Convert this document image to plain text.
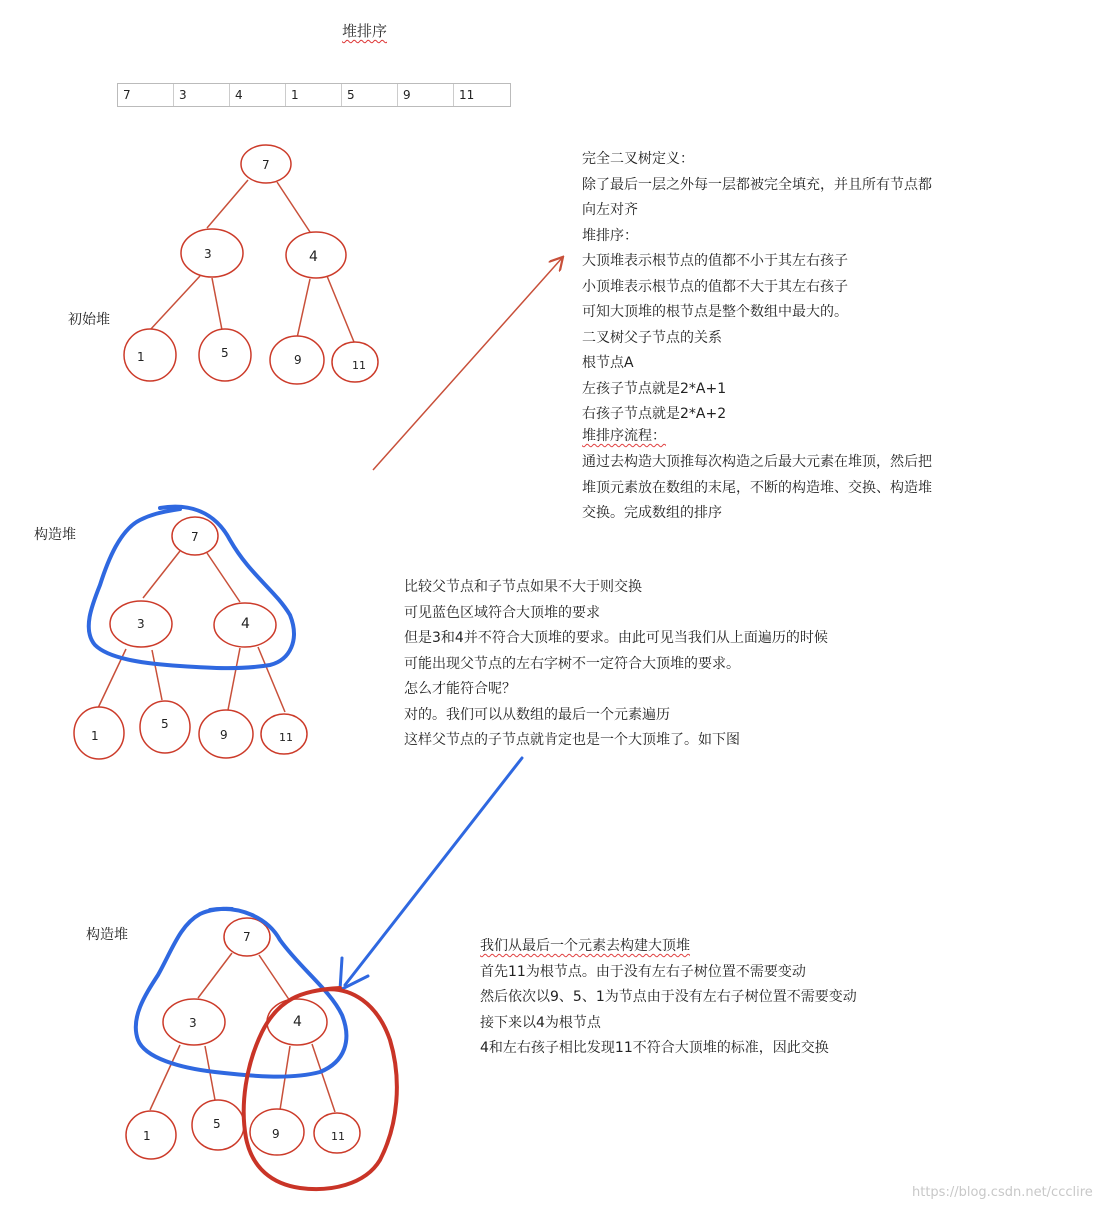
堆排序
7	3	4	1	5	9	11
初始堆
构造堆
构造堆
7
3	4
1	5	9	11
7
3	4
1
5
9	11
7
3	4
1
5
9	11
完全二叉树定义：
除了最后一层之外每一层都被完全填充，并且所有节点都
向左对齐
堆排序：
大顶堆表示根节点的值都不小于其左右孩子
小顶堆表示根节点的值都不大于其左右孩子
可知大顶堆的根节点是整个数组中最大的。
二叉树父子节点的关系
根节点A
左孩子节点就是2*A+1
右孩子节点就是2*A+2
堆排序流程：
通过去构造大顶推每次构造之后最大元素在堆顶，然后把
堆顶元素放在数组的末尾，不断的构造堆、交换、构造堆
交换。完成数组的排序
比较父节点和子节点如果不大于则交换
可见蓝色区域符合大顶堆的要求
但是3和4并不符合大顶堆的要求。由此可见当我们从上面遍历的时候
可能出现父节点的左右字树不一定符合大顶堆的要求。
怎么才能符合呢？
对的。我们可以从数组的最后一个元素遍历
这样父节点的子节点就肯定也是一个大顶堆了。如下图
我们从最后一个元素去构建大顶堆
首先11为根节点。由于没有左右子树位置不需要变动
然后依次以9、5、1为节点由于没有左右子树位置不需要变动
接下来以4为根节点
4和左右孩子相比发现11不符合大顶堆的标准，因此交换
https://blog.csdn.net/ccclire
